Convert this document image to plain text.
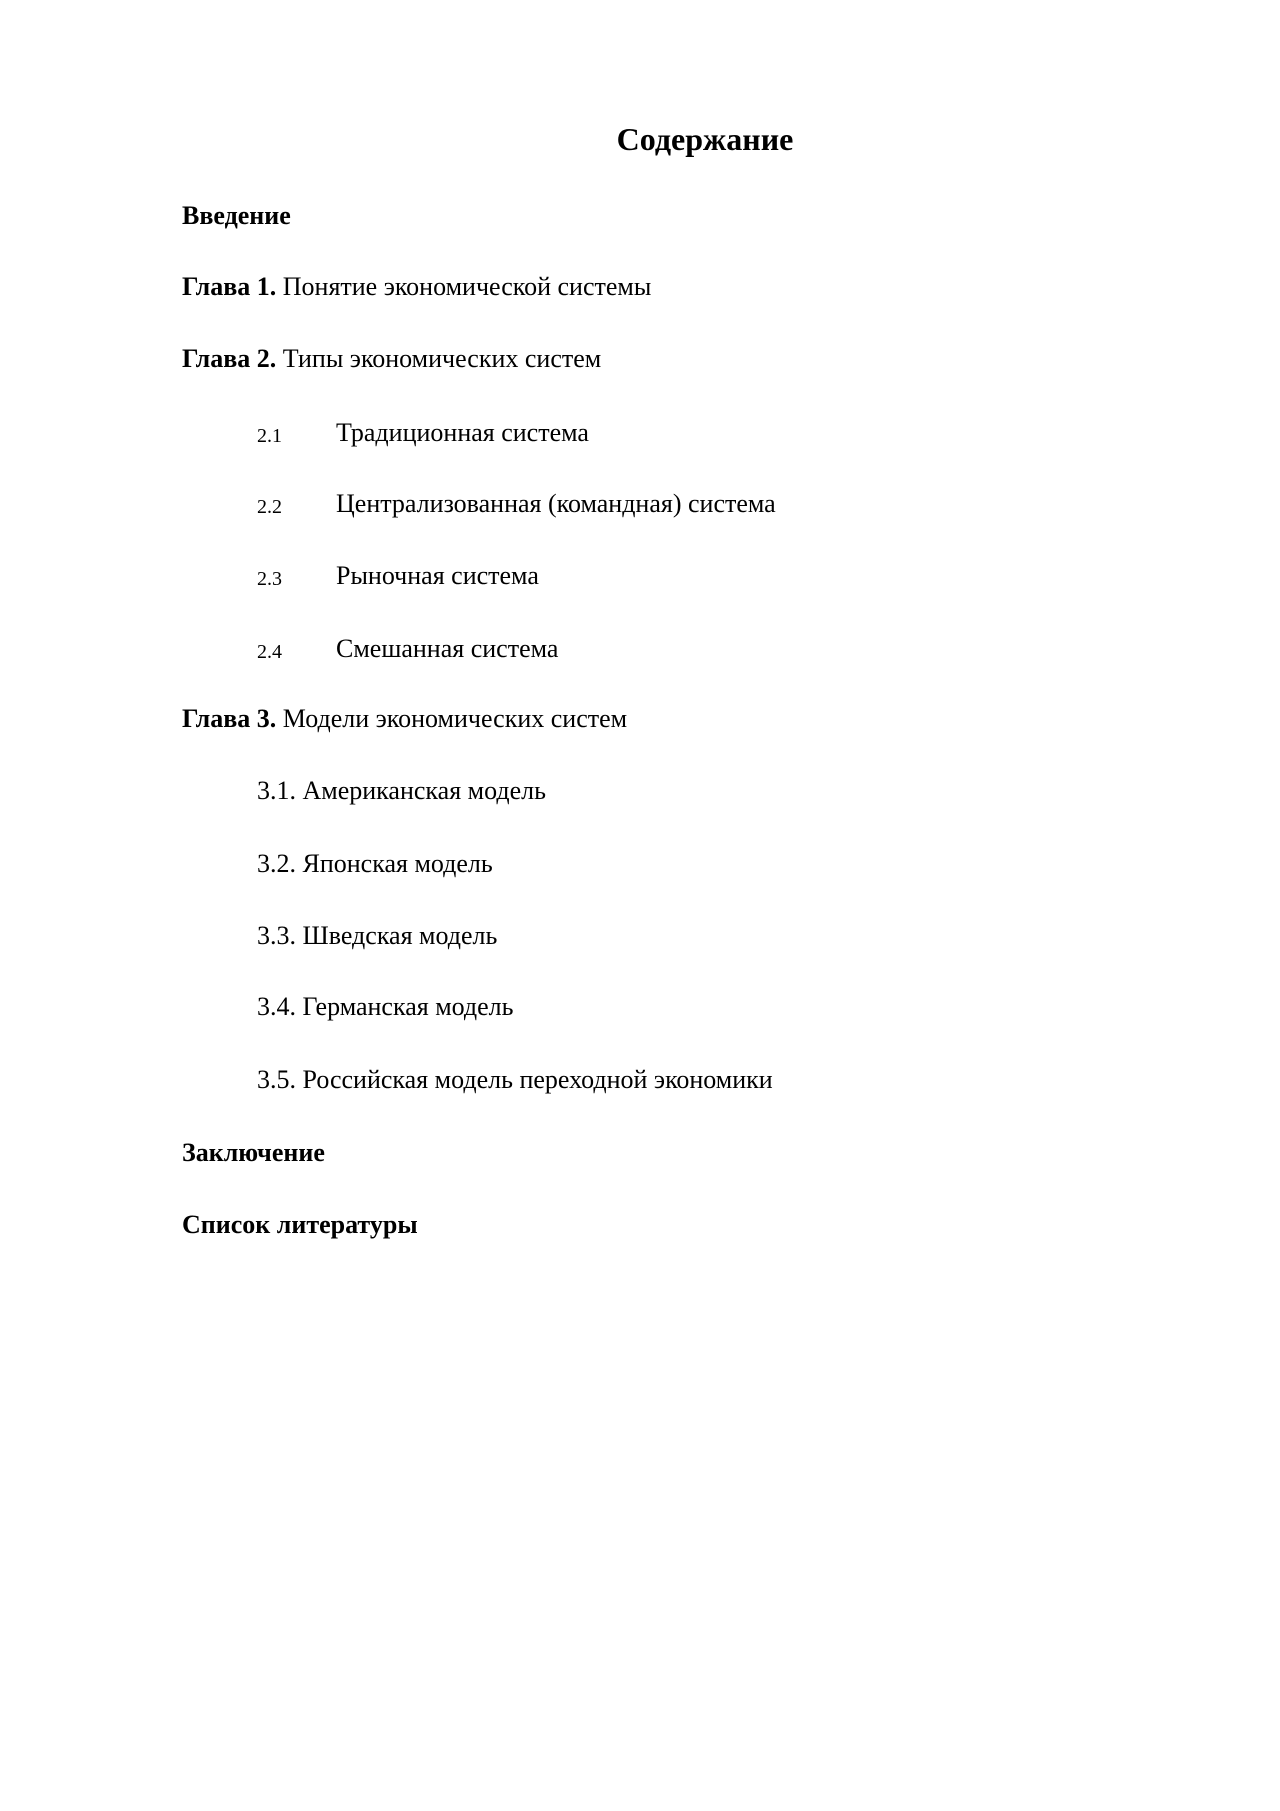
Содержание
Введение
Глава 1. Понятие экономической системы
Глава 2. Типы экономических систем
2.1 Традиционная система
2.2 Централизованная (командная) система
2.3 Рыночная система
2.4 Смешанная система
Глава 3. Модели экономических систем
3.1. Американская модель
3.2. Японская модель
3.3. Шведская модель
3.4. Германская модель
3.5. Российская модель переходной экономики
Заключение
Список литературы
